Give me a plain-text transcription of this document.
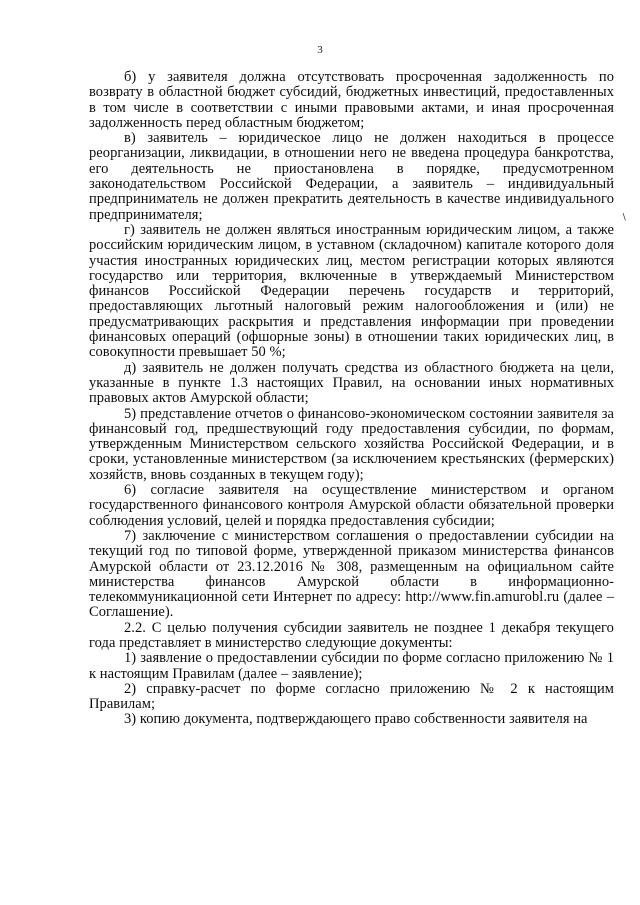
3

б) у заявителя должна отсутствовать просроченная задолженность по возврату в областной бюджет субсидий, бюджетных инвестиций, предоставленных в том числе в соответствии с иными правовыми актами, и иная просроченная задолженность перед областным бюджетом;

в) заявитель – юридическое лицо не должен находиться в процессе реорганизации, ликвидации, в отношении него не введена процедура банкротства, его деятельность не приостановлена в порядке, предусмотренном законодательством Российской Федерации, а заявитель – индивидуальный предприниматель не должен прекратить деятельность в качестве индивидуального предпринимателя;

г) заявитель не должен являться иностранным юридическим лицом, а также российским юридическим лицом, в уставном (складочном) капитале которого доля участия иностранных юридических лиц, местом регистрации которых являются государство или территория, включенные в утверждаемый Министерством финансов Российской Федерации перечень государств и территорий, предоставляющих льготный налоговый режим налогообложения и (или) не предусматривающих раскрытия и представления информации при проведении финансовых операций (офшорные зоны) в отношении таких юридических лиц, в совокупности превышает 50 %;

д) заявитель не должен получать средства из областного бюджета на цели, указанные в пункте 1.3 настоящих Правил, на основании иных нормативных правовых актов Амурской области;

5) представление отчетов о финансово-экономическом состоянии заявителя за финансовый год, предшествующий году предоставления субсидии, по формам, утвержденным Министерством сельского хозяйства Российской Федерации, и в сроки, установленные министерством (за исключением крестьянских (фермерских) хозяйств, вновь созданных в текущем году);

6) согласие заявителя на осуществление министерством и органом государственного финансового контроля Амурской области обязательной проверки соблюдения условий, целей и порядка предоставления субсидии;

7) заключение с министерством соглашения о предоставлении субсидии на текущий год по типовой форме, утвержденной приказом министерства финансов Амурской области от 23.12.2016 № 308, размещенным на официальном сайте министерства финансов Амурской области в информационно-телекоммуникационной сети Интернет по адресу: http://www.fin.amurobl.ru (далее – Соглашение).

2.2. С целью получения субсидии заявитель не позднее 1 декабря текущего года представляет в министерство следующие документы:

1) заявление о предоставлении субсидии по форме согласно приложению № 1 к настоящим Правилам (далее – заявление);

2) справку-расчет по форме согласно приложению № 2 к настоящим Правилам;

3) копию документа, подтверждающего право собственности заявителя на

∖
